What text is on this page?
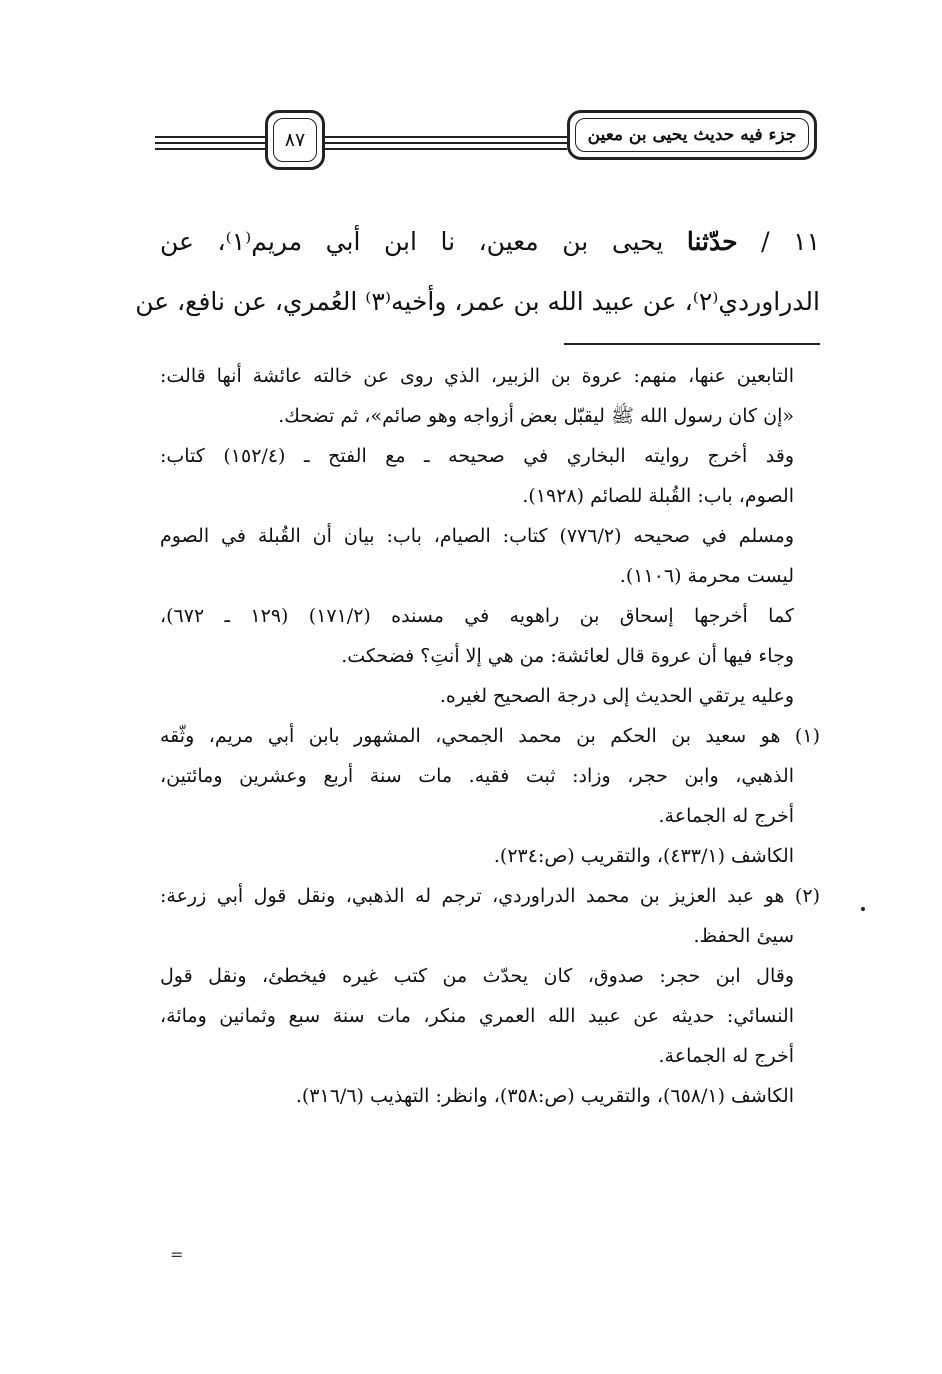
٨٧	جزء فيه حديث يحيى بن معين
١١ / حدّثنا يحيى بن معين، نا ابن أبي مريم⁽١⁾، عن
الدراوردي⁽٢⁾، عن عبيد الله بن عمر، وأخيه⁽٣⁾ العُمري، عن نافع، عن
التابعين عنها، منهم: عروة بن الزبير، الذي روى عن خالته عائشة أنها قالت:
«إن كان رسول الله ﷺ ليقبّل بعض أزواجه وهو صائم»، ثم تضحك.
وقد أخرج روايته البخاري في صحيحه ـ مع الفتح ـ (١٥٢/٤) كتاب:
الصوم، باب: القُبلة للصائم (١٩٢٨).
ومسلم في صحيحه (٧٧٦/٢) كتاب: الصيام، باب: بيان أن القُبلة في الصوم
ليست محرمة (١١٠٦).
كما أخرجها إسحاق بن راهويه في مسنده (١٧١/٢) (١٢٩ ـ ٦٧٢)،
وجاء فيها أن عروة قال لعائشة: من هي إلا أنتِ؟ فضحكت.
وعليه يرتقي الحديث إلى درجة الصحيح لغيره.
(١) هو سعيد بن الحكم بن محمد الجمحي، المشهور بابن أبي مريم، وثّقه
الذهبي، وابن حجر، وزاد: ثبت فقيه. مات سنة أربع وعشرين ومائتين،
أخرج له الجماعة.
الكاشف (٤٣٣/١)، والتقريب (ص:٢٣٤).
(٢) هو عبد العزيز بن محمد الدراوردي، ترجم له الذهبي، ونقل قول أبي زرعة:
سيئ الحفظ.
وقال ابن حجر: صدوق، كان يحدّث من كتب غيره فيخطئ، ونقل قول
النسائي: حديثه عن عبيد الله العمري منكر، مات سنة سبع وثمانين ومائة،
أخرج له الجماعة.
الكاشف (٦٥٨/١)، والتقريب (ص:٣٥٨)، وانظر: التهذيب (٣١٦/٦).
=
